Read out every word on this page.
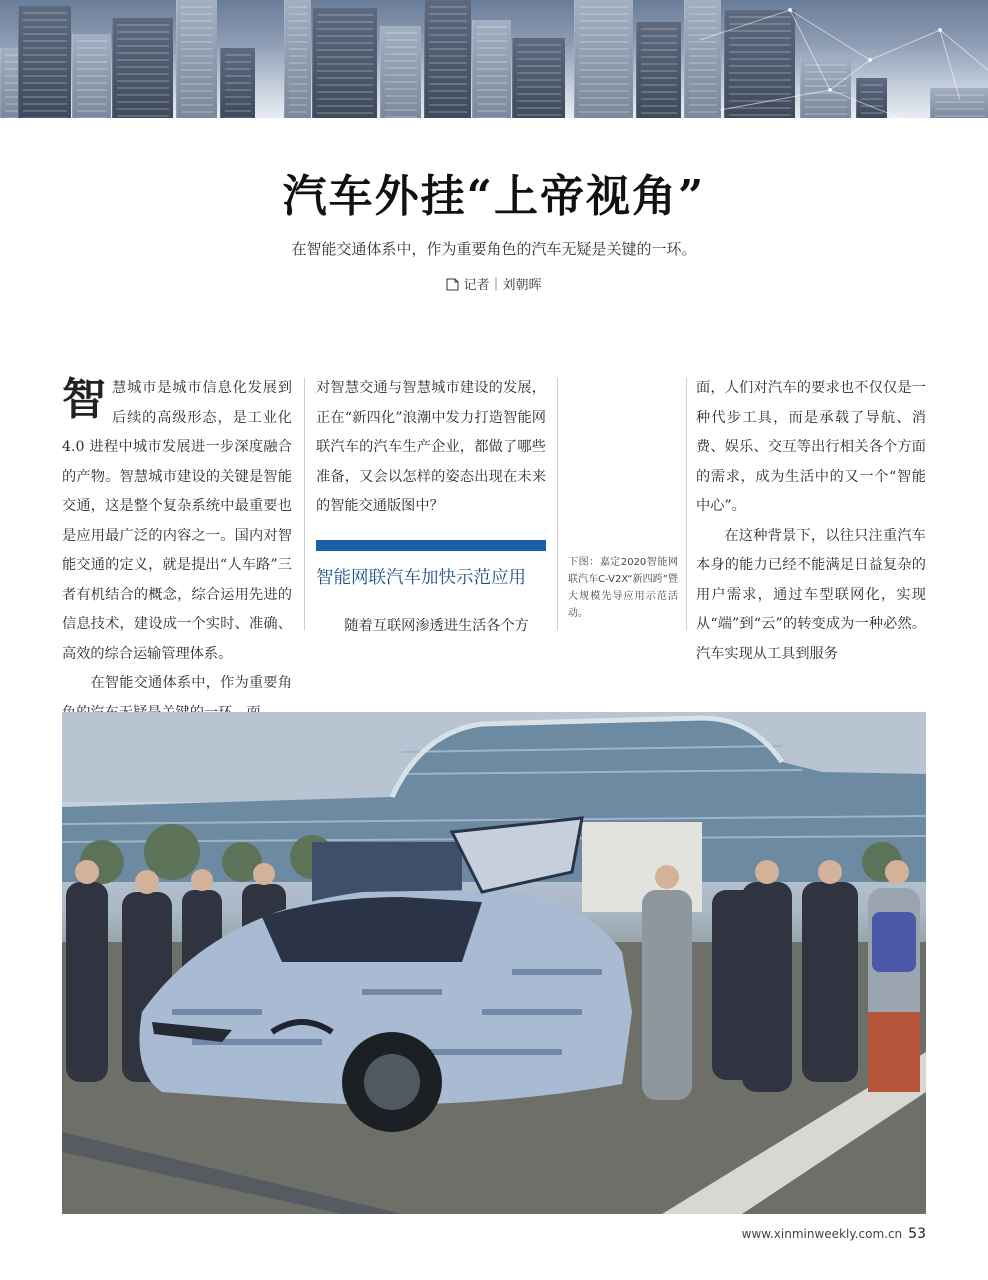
汽车外挂“上帝视角”
在智能交通体系中，作为重要角色的汽车无疑是关键的一环。
记者｜刘朝晖

智慧城市是城市信息化发展到后续的高级形态，是工业化 4.0 进程中城市发展进一步深度融合的产物。智慧城市建设的关键是智能交通，这是整个复杂系统中最重要也是应用最广泛的内容之一。国内对智能交通的定义，就是提出“人车路”三者有机结合的概念，综合运用先进的信息技术，建设成一个实时、准确、高效的综合运输管理体系。

在智能交通体系中，作为重要角

对智慧交通与智慧城市建设的发展，正在“新四化”浪潮中发力打造智能网联汽车的汽车生产企业，都做了哪些准备，又会以怎样的姿态出现在未来的智能交通版图中？

智能网联汽车加快示范应用

随着互联网渗透进生活各个方

下图：嘉定2020智能网联汽车C-V2X“新四跨”暨大规模先导应用示范活动。

面，人们对汽车的要求也不仅仅是一种代步工具，而是承载了导航、消费、娱乐、交互等出行相关各个方面的需求，成为生活中的又一个“智能中心”。

在这种背景下，以往只注重汽车本身的能力已经不能满足日益复杂的用户需求，通过车型联网化，实现从“端”到“云”的转变成为一种必然。汽车实现从工具到服务

www.xinminweekly.com.cn 53
